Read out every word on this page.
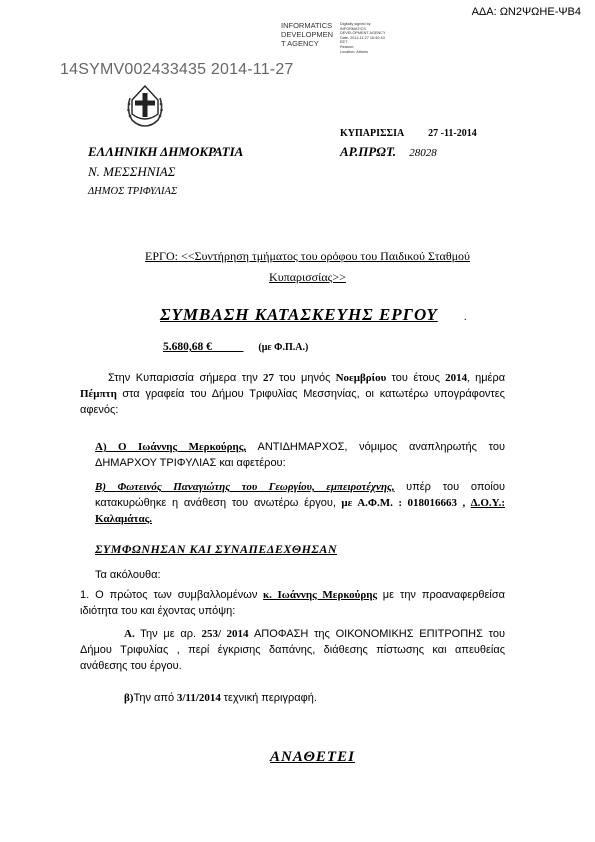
ΑΔΑ: ΩΝ2ΨΩΗΕ-ΨΒ4
INFORMATICS DEVELOPMEN T AGENCY
Digitally signed by
INFORMATICS
DEVELOPMENT AGENCY
Date: 2014.11.27 16:40:43
EET
Reason:
Location: Athens
14SYMV002433435 2014-11-27
ΕΛΛΗΝΙΚΗ ΔΗΜΟΚΡΑΤΙΑ
Ν. ΜΕΣΣΗΝΙΑΣ
ΔΗΜΟΣ ΤΡΙΦΥΛΙΑΣ
ΚΥΠΑΡΙΣΣΙΑ 27 -11-2014
ΑΡ.ΠΡΩΤ. 28028
ΕΡΓΟ: <<Συντήρηση τμήματος του ορόφου του Παιδικού Σταθμού
Κυπαρισσίας>>
ΣΥΜΒΑΣΗ ΚΑΤΑΣΚΕΥΗΣ ΕΡΓΟΥ	.
5.680,68 €	(με Φ.Π.Α.)
Στην Κυπαρισσία σήμερα την 27 του μηνός Νοεμβρίου του έτους 2014, ημέρα Πέμπτη στα γραφεία του Δήμου Τριφυλίας Μεσσηνίας, οι κατωτέρω υπογράφοντες αφενός:
Α) Ο Ιωάννης Μερκούρης, ΑΝΤΙΔΗΜΑΡΧΟΣ, νόμιμος αναπληρωτής του ΔΗΜΑΡΧΟΥ ΤΡΙΦΥΛΙΑΣ και αφετέρου:
Β) Φωτεινός Παναγιώτης του Γεωργίου, εμπειροτέχνης, υπέρ του οποίου κατακυρώθηκε η ανάθεση του ανωτέρω έργου, με Α.Φ.Μ. : 018016663 , Δ.Ο.Υ.: Καλαμάτας.
ΣΥΜΦΩΝΗΣΑΝ ΚΑΙ ΣΥΝΑΠΕΔΕΧΘΗΣΑΝ
Τα ακόλουθα:
1. Ο πρώτος των συμβαλλομένων κ. Ιωάννης Μερκούρης με την προαναφερθείσα ιδιότητα του και έχοντας υπόψη:
Α. Την με αρ. 253/ 2014 ΑΠΟΦΑΣΗ της ΟΙΚΟΝΟΜΙΚΗΣ ΕΠΙΤΡΟΠΗΣ του Δήμου Τριφυλίας , περί έγκρισης δαπάνης, διάθεσης πίστωσης και απευθείας ανάθεσης του έργου.
β)Την από 3/11/2014 τεχνική περιγραφή.
ΑΝΑΘΕΤΕΙ
